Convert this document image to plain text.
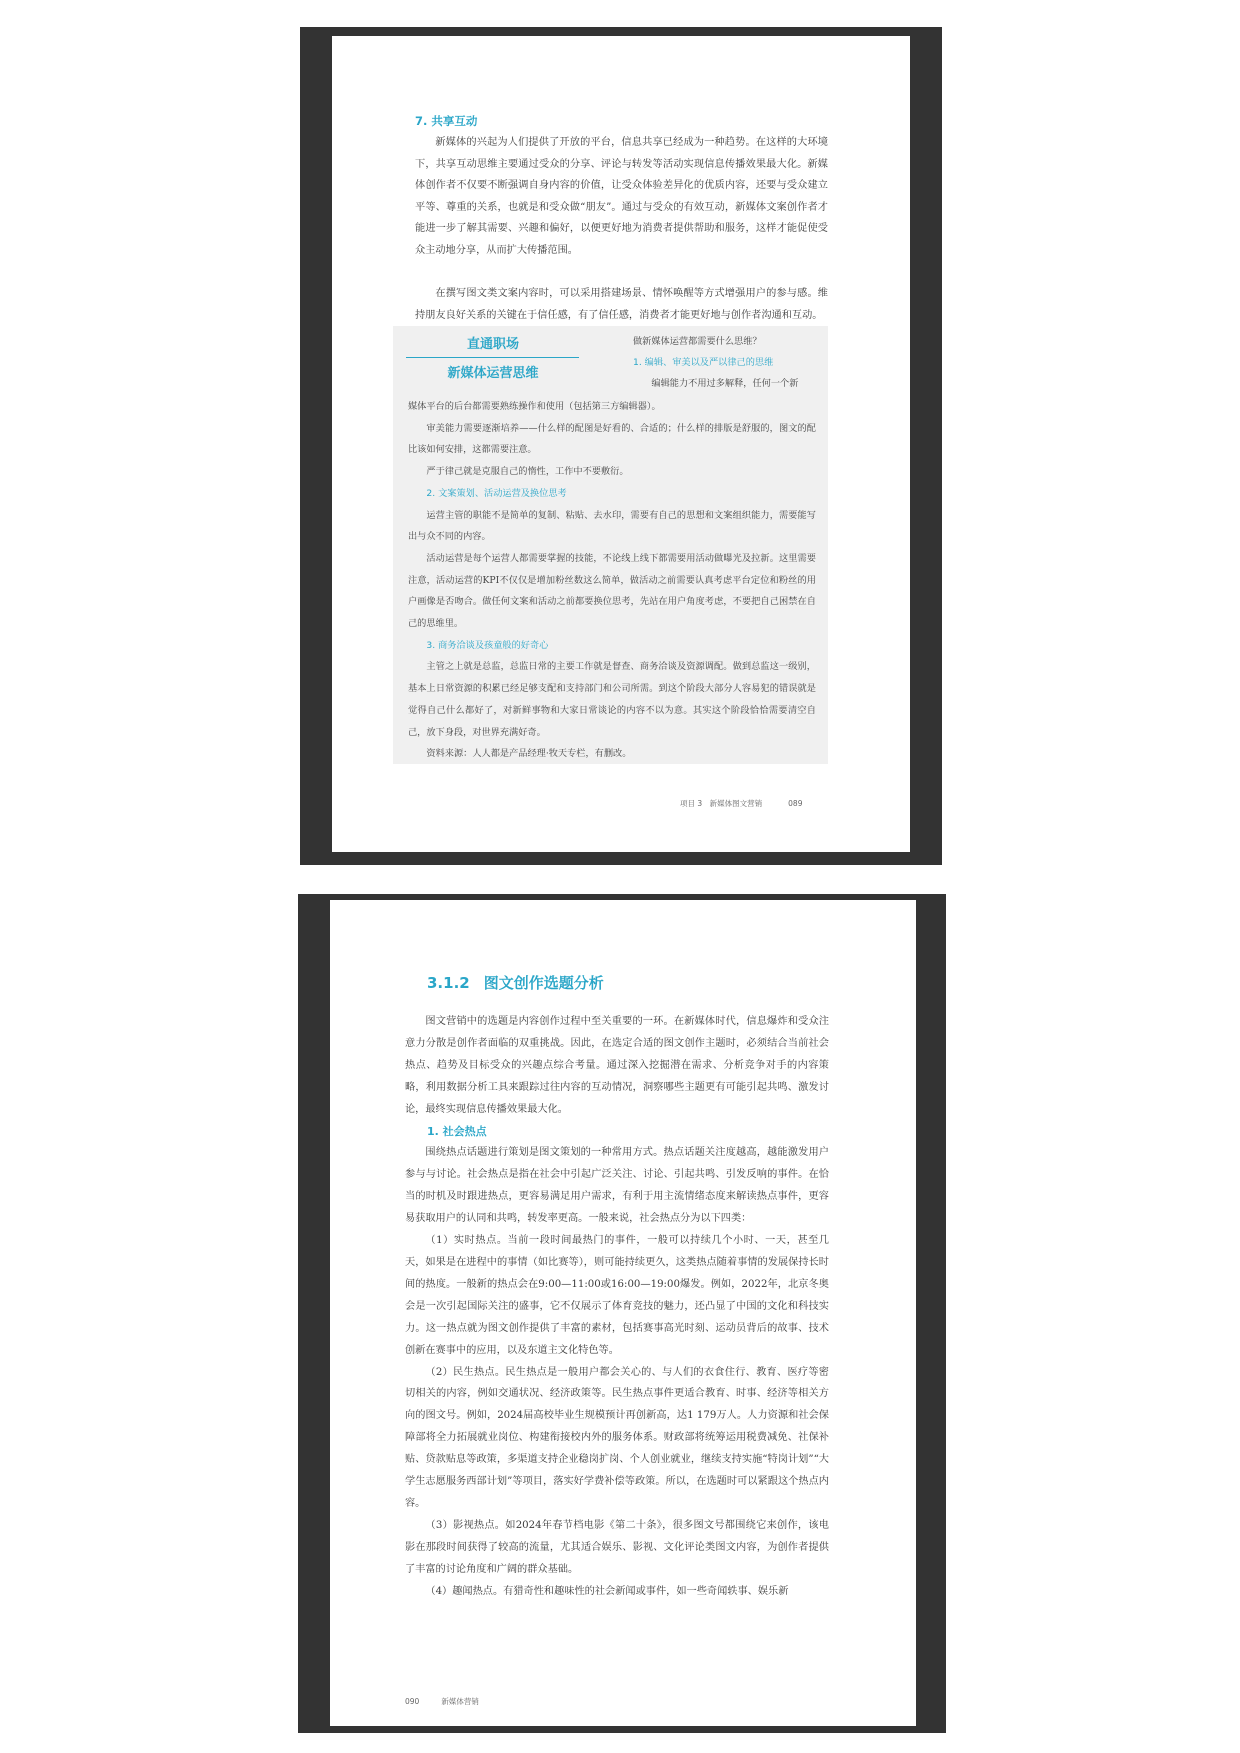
7. 共享互动

新媒体的兴起为人们提供了开放的平台，信息共享已经成为一种趋势。在这样的大环境下，共享互动思维主要通过受众的分享、评论与转发等活动实现信息传播效果最大化。新媒体创作者不仅要不断强调自身内容的价值，让受众体验差异化的优质内容，还要与受众建立平等、尊重的关系，也就是和受众做“朋友”。通过与受众的有效互动，新媒体文案创作者才能进一步了解其需要、兴趣和偏好，以便更好地为消费者提供帮助和服务，这样才能促使受众主动地分享，从而扩大传播范围。

在撰写图文类文案内容时，可以采用搭建场景、情怀唤醒等方式增强用户的参与感。维持朋友良好关系的关键在于信任感，有了信任感，消费者才能更好地与创作者沟通和互动。

直通职场
新媒体运营思维
做新媒体运营都需要什么思维？
1. 编辑、审美以及严以律己的思维
编辑能力不用过多解释，任何一个新

媒体平台的后台都需要熟练操作和使用（包括第三方编辑器）。

审美能力需要逐渐培养——什么样的配图是好看的、合适的；什么样的排版是舒服的，图文的配比该如何安排，这都需要注意。

严于律己就是克服自己的惰性，工作中不要敷衍。

2. 文案策划、活动运营及换位思考

运营主管的职能不是简单的复制、粘贴、去水印，需要有自己的思想和文案组织能力，需要能写出与众不同的内容。

活动运营是每个运营人都需要掌握的技能，不论线上线下都需要用活动做曝光及拉新。这里需要注意，活动运营的KPI不仅仅是增加粉丝数这么简单，做活动之前需要认真考虑平台定位和粉丝的用户画像是否吻合。做任何文案和活动之前都要换位思考，先站在用户角度考虑，不要把自己困禁在自己的思维里。

3. 商务洽谈及孩童般的好奇心

主管之上就是总监，总监日常的主要工作就是督查、商务洽谈及资源调配。做到总监这一级别，基本上日常资源的积累已经足够支配和支持部门和公司所需。到这个阶段大部分人容易犯的错误就是觉得自己什么都好了，对新鲜事物和大家日常谈论的内容不以为意。其实这个阶段恰恰需要清空自己，放下身段，对世界充满好奇。

资料来源：人人都是产品经理·牧天专栏，有删改。

项目 3　新媒体图文营销	089
3.1.2 图文创作选题分析

图文营销中的选题是内容创作过程中至关重要的一环。在新媒体时代，信息爆炸和受众注意力分散是创作者面临的双重挑战。因此，在选定合适的图文创作主题时，必须结合当前社会热点、趋势及目标受众的兴趣点综合考量。通过深入挖掘潜在需求、分析竞争对手的内容策略，利用数据分析工具来跟踪过往内容的互动情况，洞察哪些主题更有可能引起共鸣、激发讨论，最终实现信息传播效果最大化。

1. 社会热点

围绕热点话题进行策划是图文策划的一种常用方式。热点话题关注度越高，越能激发用户参与与讨论。社会热点是指在社会中引起广泛关注、讨论、引起共鸣、引发反响的事件。在恰当的时机及时跟进热点，更容易满足用户需求，有利于用主流情绪态度来解读热点事件，更容易获取用户的认同和共鸣，转发率更高。一般来说，社会热点分为以下四类：

（1）实时热点。当前一段时间最热门的事件，一般可以持续几个小时、一天，甚至几天，如果是在进程中的事情（如比赛等），则可能持续更久，这类热点随着事情的发展保持长时间的热度。一般新的热点会在9:00—11:00或16:00—19:00爆发。例如，2022年，北京冬奥会是一次引起国际关注的盛事，它不仅展示了体育竞技的魅力，还凸显了中国的文化和科技实力。这一热点就为图文创作提供了丰富的素材，包括赛事高光时刻、运动员背后的故事、技术创新在赛事中的应用，以及东道主文化特色等。

（2）民生热点。民生热点是一般用户都会关心的、与人们的衣食住行、教育、医疗等密切相关的内容，例如交通状况、经济政策等。民生热点事件更适合教育、时事、经济等相关方向的图文号。例如，2024届高校毕业生规模预计再创新高，达1 179万人。人力资源和社会保障部将全力拓展就业岗位、构建衔接校内外的服务体系。财政部将统筹运用税费减免、社保补贴、贷款贴息等政策，多渠道支持企业稳岗扩岗、个人创业就业，继续支持实施“特岗计划”“大学生志愿服务西部计划”等项目，落实好学费补偿等政策。所以，在选题时可以紧跟这个热点内容。

（3）影视热点。如2024年春节档电影《第二十条》，很多图文号都围绕它来创作，该电影在那段时间获得了较高的流量，尤其适合娱乐、影视、文化评论类图文内容，为创作者提供了丰富的讨论角度和广阔的群众基础。

（4）趣闻热点。有猎奇性和趣味性的社会新闻或事件，如一些奇闻轶事、娱乐新

090	新媒体营销
